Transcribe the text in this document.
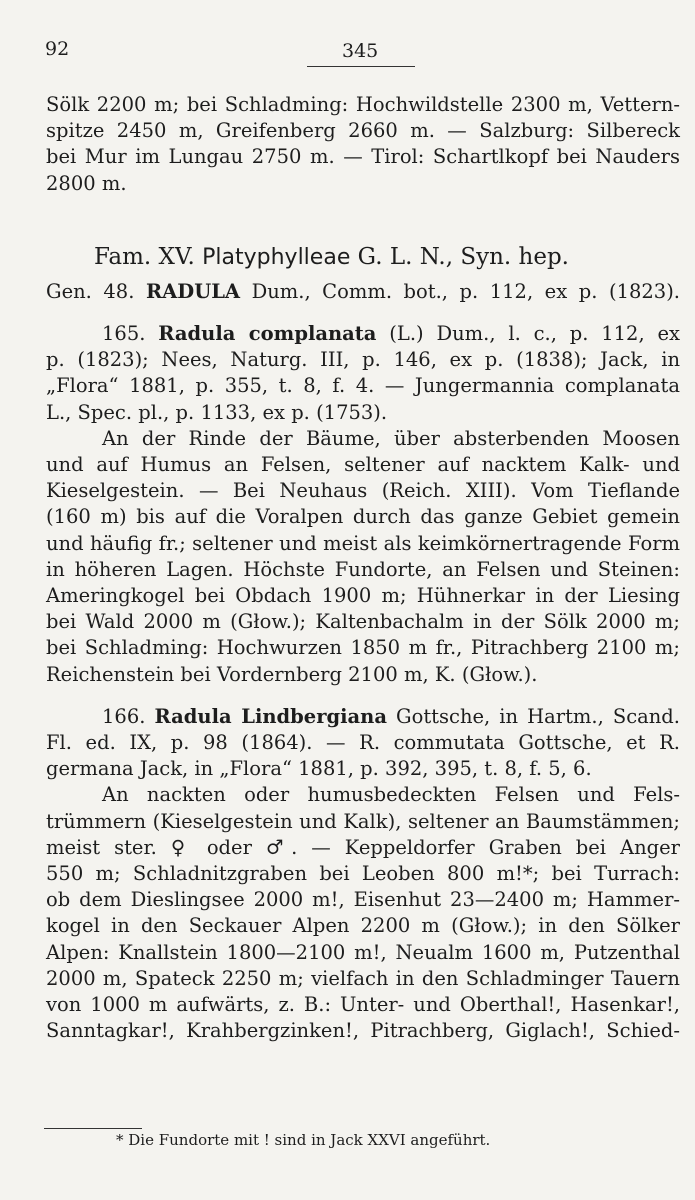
92	345
Sölk 2200 m; bei Schladming: Hochwildstelle 2300 m, Vettern-
spitze 2450 m, Greifenberg 2660 m. — Salzburg: Silbereck
bei Mur im Lungau 2750 m. — Tirol: Schartlkopf bei Nauders
2800 m.
Fam. XV. Platyphylleae G. L. N., Syn. hep.
Gen. 48. RADULA Dum., Comm. bot., p. 112, ex p. (1823).
165. Radula complanata (L.) Dum., l. c., p. 112, ex
p. (1823); Nees, Naturg. III, p. 146, ex p. (1838); Jack, in
„Flora“ 1881, p. 355, t. 8, f. 4. — Jungermannia complanata
L., Spec. pl., p. 1133, ex p. (1753).
An der Rinde der Bäume, über absterbenden Moosen
und auf Humus an Felsen, seltener auf nacktem Kalk- und
Kieselgestein. — Bei Neuhaus (Reich. XIII). Vom Tieflande
(160 m) bis auf die Voralpen durch das ganze Gebiet gemein
und häufig fr.; seltener und meist als keimkörnertragende Form
in höheren Lagen. Höchste Fundorte, an Felsen und Steinen:
Ameringkogel bei Obdach 1900 m; Hühnerkar in der Liesing
bei Wald 2000 m (Głow.); Kaltenbachalm in der Sölk 2000 m;
bei Schladming: Hochwurzen 1850 m fr., Pitrachberg 2100 m;
Reichenstein bei Vordernberg 2100 m, K. (Głow.).
166. Radula Lindbergiana Gottsche, in Hartm., Scand.
Fl. ed. IX, p. 98 (1864). — R. commutata Gottsche, et R.
germana Jack, in „Flora“ 1881, p. 392, 395, t. 8, f. 5, 6.
An nackten oder humusbedeckten Felsen und Fels-
trümmern (Kieselgestein und Kalk), seltener an Baumstämmen;
meist ster. ♀ oder ♂. — Keppeldorfer Graben bei Anger
550 m; Schladnitzgraben bei Leoben 800 m!*; bei Turrach:
ob dem Dieslingsee 2000 m!, Eisenhut 23—2400 m; Hammer-
kogel in den Seckauer Alpen 2200 m (Głow.); in den Sölker
Alpen: Knallstein 1800—2100 m!, Neualm 1600 m, Putzenthal
2000 m, Spateck 2250 m; vielfach in den Schladminger Tauern
von 1000 m aufwärts, z. B.: Unter- und Oberthal!, Hasenkar!,
Sanntagkar!, Krahbergzinken!, Pitrachberg, Giglach!, Schied-
* Die Fundorte mit ! sind in Jack XXVI angeführt.
